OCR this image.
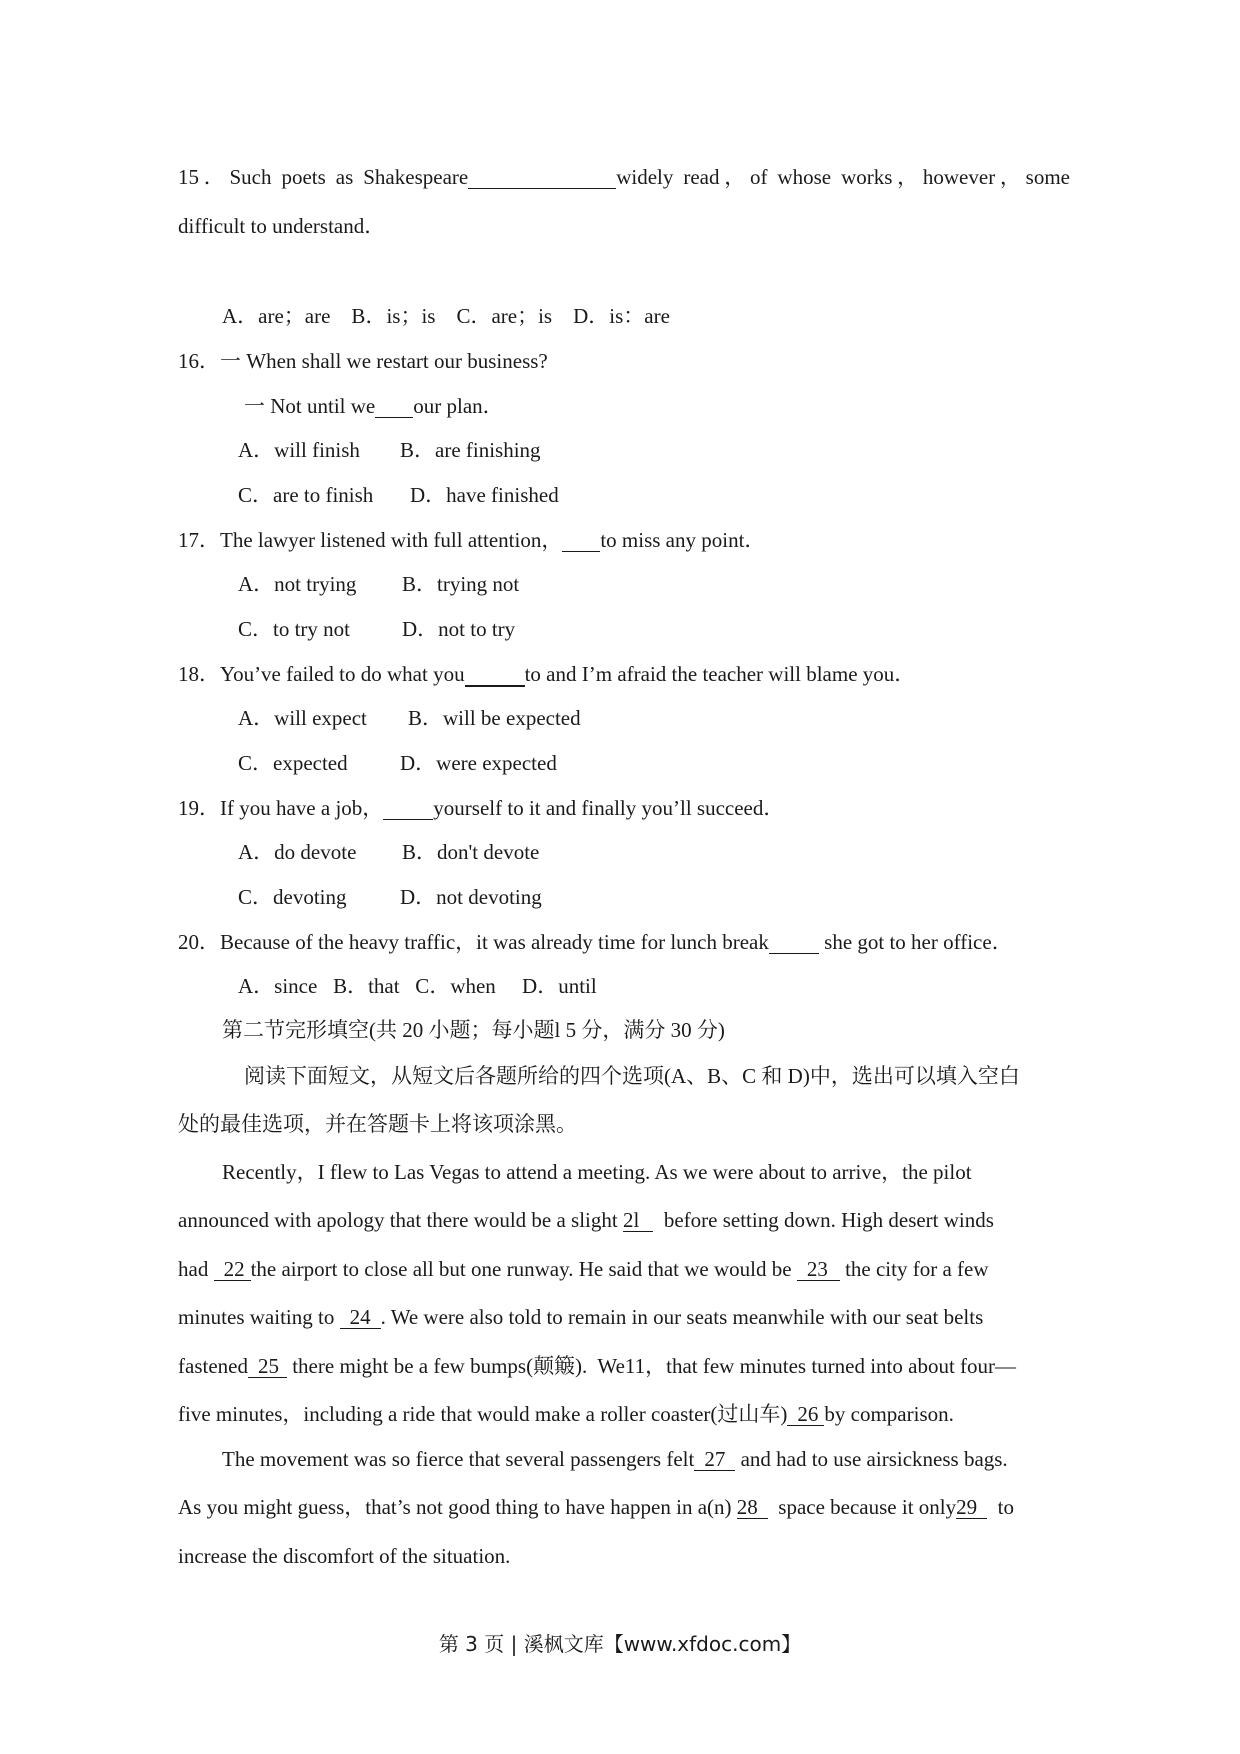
15．Such poets as Shakespeare	widely read，of whose works，however，some
difficult to understand．
A．are；are    B．is；is    C．are；is    D．is：are
16．一 When shall we restart our business?
一 Not until we our plan．
A．will finish B．are finishing
C．are to finish D．have finished
17．The lawyer listened with full attention， to miss any point．
A．not trying B．trying not
C．to try not D．not to try
18．You’ve failed to do what you	to and I’m afraid the teacher will blame you．
A．will expect B．will be expected
C．expected D．were expected
19．If you have a job， yourself to it and finally you’ll succeed．
A．do devote B．don't devote
C．devoting	D．not devoting
20．Because of the heavy traffic，it was already time for lunch break  she got to her office．
A．since   B．that   C．when     D．until
第二节完形填空(共 20 小题；每小题l 5 分，满分 30 分)
阅读下面短文，从短文后各题所给的四个选项(A、B、C 和 D)中，选出可以填入空白
处的最佳选项，并在答题卡上将该项涂黑。
Recently，I flew to Las Vegas to attend a meeting. As we were about to arrive，the pilot
announced with apology that there would be a slight 2l  before setting down. High desert winds
had 22 the airport to close all but one runway. He said that we would be 23 the city for a few
minutes waiting to 24 . We were also told to remain in our seats meanwhile with our seat belts
fastened 25 there might be a few bumps(颠簸).  We11，that few minutes turned into about four—
five minutes，including a ride that would make a roller coaster(过山车) 26 by comparison.
The movement was so fierce that several passengers felt 27 and had to use airsickness bags.
As you might guess，that’s not good thing to have happen in a(n) 28  space because it only29  to
increase the discomfort of the situation.
第 3 页 | 溪枫文库【www.xfdoc.com】
